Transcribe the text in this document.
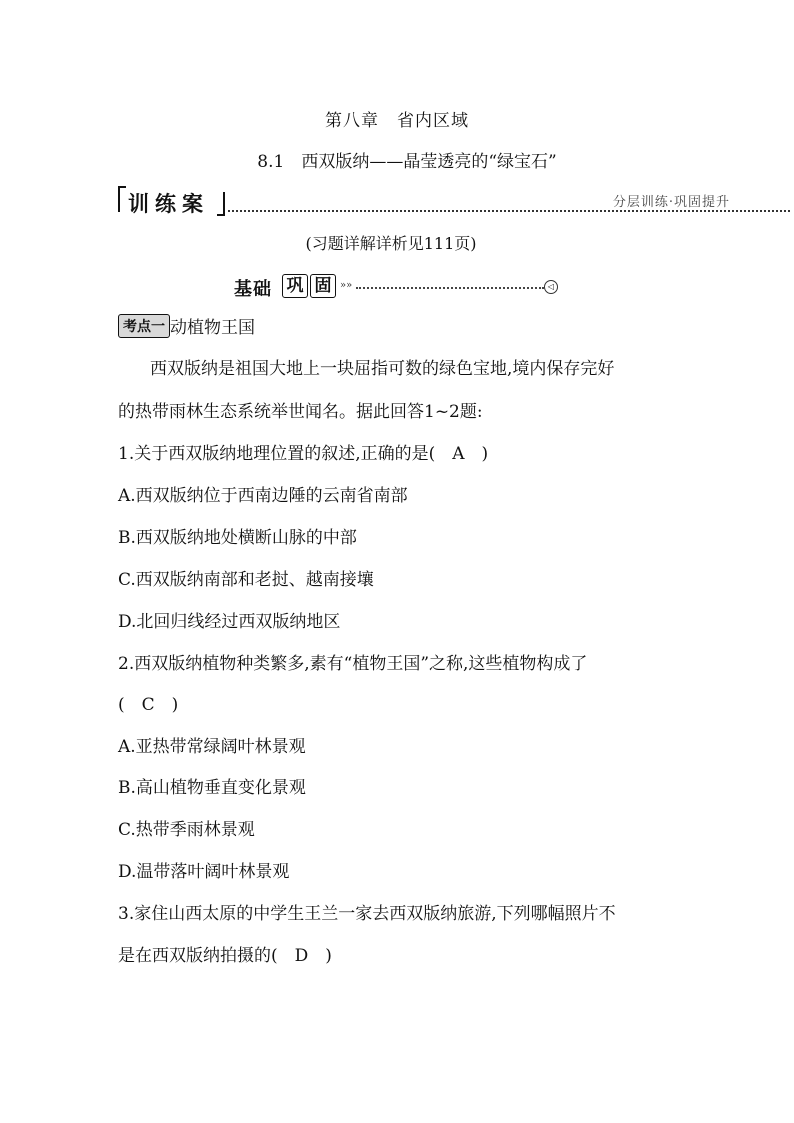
第八章　省内区域
8.1　西双版纳——晶莹透亮的“绿宝石”
训练案	分层训练·巩固提升
(习题详解详析见111页)
基础 巩 固 »»	◁
考点一 动植物王国
西双版纳是祖国大地上一块屈指可数的绿色宝地,境内保存完好
的热带雨林生态系统举世闻名。据此回答1~2题:
1.关于西双版纳地理位置的叙述,正确的是(　A　)
A.西双版纳位于西南边陲的云南省南部
B.西双版纳地处横断山脉的中部
C.西双版纳南部和老挝、越南接壤
D.北回归线经过西双版纳地区
2.西双版纳植物种类繁多,素有“植物王国”之称,这些植物构成了
(　C　)
A.亚热带常绿阔叶林景观
B.高山植物垂直变化景观
C.热带季雨林景观
D.温带落叶阔叶林景观
3.家住山西太原的中学生王兰一家去西双版纳旅游,下列哪幅照片不
是在西双版纳拍摄的(　D　)
